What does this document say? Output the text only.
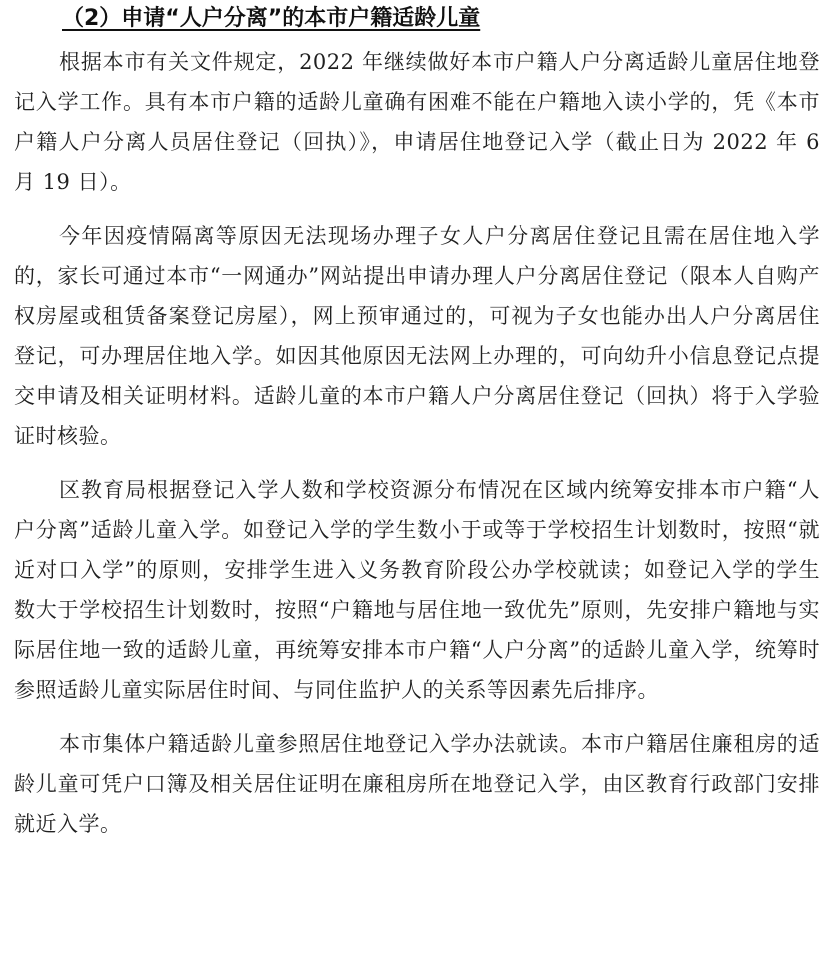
（2）申请“人户分离”的本市户籍适龄儿童

根据本市有关文件规定，2022 年继续做好本市户籍人户分离适龄儿童居住地登记入学工作。具有本市户籍的适龄儿童确有困难不能在户籍地入读小学的，凭《本市户籍人户分离人员居住登记（回执）》，申请居住地登记入学（截止日为 2022 年 6 月 19 日）。

今年因疫情隔离等原因无法现场办理子女人户分离居住登记且需在居住地入学的，家长可通过本市“一网通办”网站提出申请办理人户分离居住登记（限本人自购产权房屋或租赁备案登记房屋），网上预审通过的，可视为子女也能办出人户分离居住登记，可办理居住地入学。如因其他原因无法网上办理的，可向幼升小信息登记点提交申请及相关证明材料。适龄儿童的本市户籍人户分离居住登记（回执）将于入学验证时核验。

区教育局根据登记入学人数和学校资源分布情况在区域内统筹安排本市户籍“人户分离”适龄儿童入学。如登记入学的学生数小于或等于学校招生计划数时，按照“就近对口入学”的原则，安排学生进入义务教育阶段公办学校就读；如登记入学的学生数大于学校招生计划数时，按照“户籍地与居住地一致优先”原则，先安排户籍地与实际居住地一致的适龄儿童，再统筹安排本市户籍“人户分离”的适龄儿童入学，统筹时参照适龄儿童实际居住时间、与同住监护人的关系等因素先后排序。

本市集体户籍适龄儿童参照居住地登记入学办法就读。本市户籍居住廉租房的适龄儿童可凭户口簿及相关居住证明在廉租房所在地登记入学，由区教育行政部门安排就近入学。
